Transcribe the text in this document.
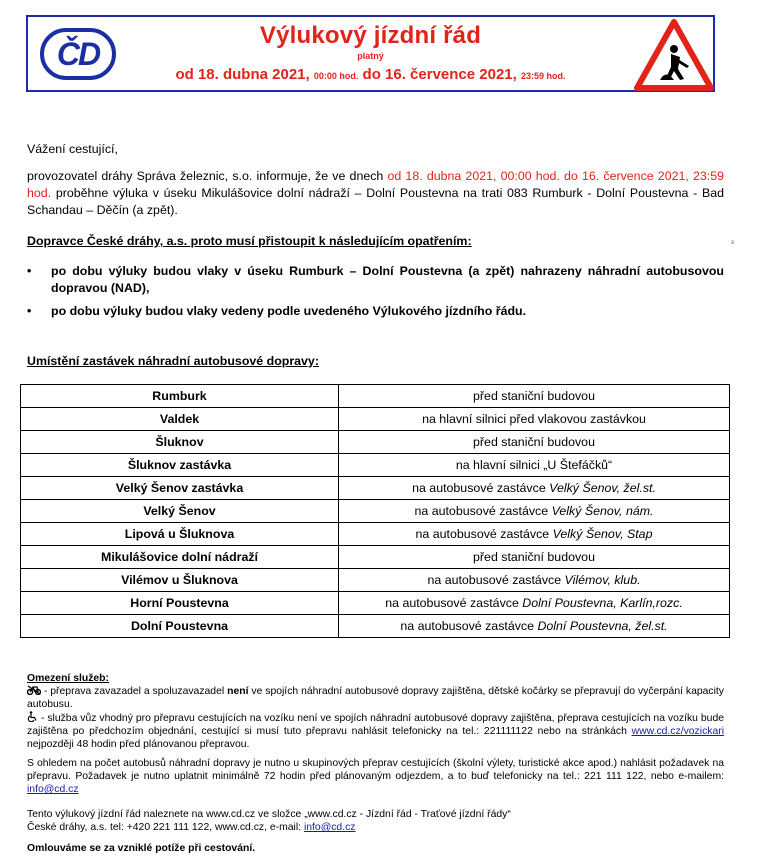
ČD
Výlukový jízdní řád
platný
od 18. dubna 2021, 00:00 hod. do 16. července 2021, 23:59 hod.
Vážení cestující,
provozovatel dráhy Správa železnic, s.o. informuje, že ve dnech od 18. dubna 2021, 00:00 hod. do 16. července 2021, 23:59 hod. proběhne výluka v úseku Mikulášovice dolní nádraží – Dolní Poustevna na trati 083 Rumburk - Dolní Poustevna - Bad Schandau – Děčín (a zpět).
Dopravce České dráhy, a.s. proto musí přistoupit k následujícím opatřením:	ᶟ
• po dobu výluky budou vlaky v úseku Rumburk – Dolní Poustevna (a zpět) nahrazeny náhradní autobusovou dopravou (NAD),
• po dobu výluky budou vlaky vedeny podle uvedeného Výlukového jízdního řádu.
Umístění zastávek náhradní autobusové dopravy:
Rumburk	před staniční budovou
Valdek	na hlavní silnici před vlakovou zastávkou
Šluknov	před staniční budovou
Šluknov zastávka	na hlavní silnici „U Štefáčků“
Velký Šenov zastávka	na autobusové zastávce Velký Šenov, žel.st.
Velký Šenov	na autobusové zastávce Velký Šenov, nám.
Lipová u Šluknova	na autobusové zastávce Velký Šenov, Stap
Mikulášovice dolní nádraží	před staniční budovou
Vilémov u Šluknova	na autobusové zastávce Vilémov, klub.
Horní Poustevna	na autobusové zastávce Dolní Poustevna, Karlín,rozc.
Dolní Poustevna	na autobusové zastávce Dolní Poustevna, žel.st.
Omezení služeb:
- přeprava zavazadel a spoluzavazadel není ve spojích náhradní autobusové dopravy zajištěna, dětské kočárky se přepravují do vyčerpání kapacity autobusu.
- služba vůz vhodný pro přepravu cestujících na vozíku není ve spojích náhradní autobusové dopravy zajištěna, přeprava cestujících na vozíku bude zajištěna po předchozím objednání, cestující si musí tuto přepravu nahlásit telefonicky na tel.: 221111122 nebo na stránkách www.cd.cz/vozickari nejpozději 48 hodin před plánovanou přepravou.
S ohledem na počet autobusů náhradní dopravy je nutno u skupinových přeprav cestujících (školní výlety, turistické akce apod.) nahlásit požadavek na přepravu. Požadavek je nutno uplatnit minimálně 72 hodin před plánovaným odjezdem, a to buď telefonicky na tel.: 221 111 122, nebo e-mailem: info@cd.cz
Tento výlukový jízdní řád naleznete na www.cd.cz ve složce „www.cd.cz - Jízdní řád - Traťové jízdní řády“
České dráhy, a.s. tel: +420 221 111 122, www.cd.cz, e-mail: info@cd.cz
Omlouváme se za vzniklé potíže při cestování.
